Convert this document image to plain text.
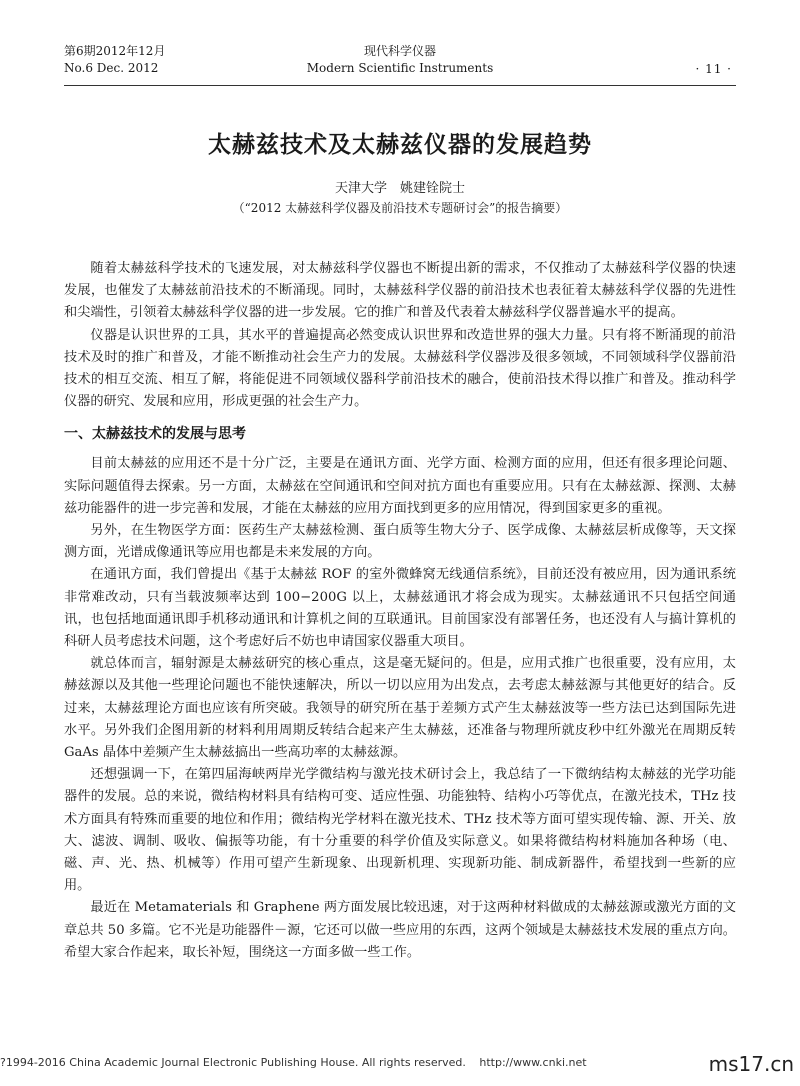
第6期2012年12月
No.6 Dec. 2012
现代科学仪器
Modern Scientific Instruments	· 11 ·
太赫兹技术及太赫兹仪器的发展趋势
天津大学　姚建铨院士
（“2012 太赫兹科学仪器及前沿技术专题研讨会”的报告摘要）

随着太赫兹科学技术的飞速发展，对太赫兹科学仪器也不断提出新的需求，不仅推动了太赫兹科学仪器的快速发展，也催发了太赫兹前沿技术的不断涌现。同时，太赫兹科学仪器的前沿技术也表征着太赫兹科学仪器的先进性和尖端性，引领着太赫兹科学仪器的进一步发展。它的推广和普及代表着太赫兹科学仪器普遍水平的提高。

仪器是认识世界的工具，其水平的普遍提高必然变成认识世界和改造世界的强大力量。只有将不断涌现的前沿技术及时的推广和普及，才能不断推动社会生产力的发展。太赫兹科学仪器涉及很多领域，不同领域科学仪器前沿技术的相互交流、相互了解，将能促进不同领域仪器科学前沿技术的融合，使前沿技术得以推广和普及。推动科学仪器的研究、发展和应用，形成更强的社会生产力。

一、太赫兹技术的发展与思考

目前太赫兹的应用还不是十分广泛，主要是在通讯方面、光学方面、检测方面的应用，但还有很多理论问题、实际问题值得去探索。另一方面，太赫兹在空间通讯和空间对抗方面也有重要应用。只有在太赫兹源、探测、太赫兹功能器件的进一步完善和发展，才能在太赫兹的应用方面找到更多的应用情况，得到国家更多的重视。

另外，在生物医学方面：医药生产太赫兹检测、蛋白质等生物大分子、医学成像、太赫兹层析成像等，天文探测方面，光谱成像通讯等应用也都是未来发展的方向。

在通讯方面，我们曾提出《基于太赫兹 ROF 的室外微蜂窝无线通信系统》，目前还没有被应用，因为通讯系统非常难改动，只有当载波频率达到 100−200G 以上，太赫兹通讯才将会成为现实。太赫兹通讯不只包括空间通讯，也包括地面通讯即手机移动通讯和计算机之间的互联通讯。目前国家没有部署任务，也还没有人与搞计算机的科研人员考虑技术问题，这个考虑好后不妨也申请国家仪器重大项目。

就总体而言，辐射源是太赫兹研究的核心重点，这是毫无疑问的。但是，应用式推广也很重要，没有应用，太赫兹源以及其他一些理论问题也不能快速解决，所以一切以应用为出发点，去考虑太赫兹源与其他更好的结合。反过来，太赫兹理论方面也应该有所突破。我领导的研究所在基于差频方式产生太赫兹波等一些方法已达到国际先进水平。另外我们企图用新的材料利用周期反转结合起来产生太赫兹，还准备与物理所就皮秒中红外激光在周期反转 GaAs 晶体中差频产生太赫兹搞出一些高功率的太赫兹源。

还想强调一下，在第四届海峡两岸光学微结构与激光技术研讨会上，我总结了一下微纳结构太赫兹的光学功能器件的发展。总的来说，微结构材料具有结构可变、适应性强、功能独特、结构小巧等优点，在激光技术，THz 技术方面具有特殊而重要的地位和作用；微结构光学材料在激光技术、THz 技术等方面可望实现传输、源、开关、放大、滤波、调制、吸收、偏振等功能，有十分重要的科学价值及实际意义。如果将微结构材料施加各种场（电、磁、声、光、热、机械等）作用可望产生新现象、出现新机理、实现新功能、制成新器件，希望找到一些新的应用。

最近在 Metamaterials 和 Graphene 两方面发展比较迅速，对于这两种材料做成的太赫兹源或激光方面的文章总共 50 多篇。它不光是功能器件－源，它还可以做一些应用的东西，这两个领域是太赫兹技术发展的重点方向。希望大家合作起来，取长补短，围绕这一方面多做一些工作。

?1994-2016 China Academic Journal Electronic Publishing House. All rights reserved. http://www.cnki.net	ms17.cn
